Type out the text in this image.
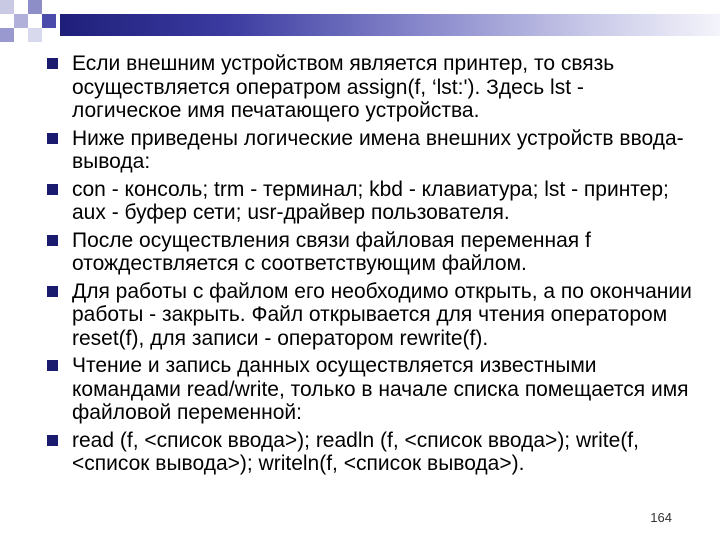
Если внешним устройством является принтер, то связь осуществляется опeратром assign(f, ‘lst:'). Здесь lst - логическое имя печатающего устройства.
Ниже приведены логические имена внешних устройств ввода-вывода:
con - консоль; trm - терминал; kbd - клавиатура; lst - принтер; aux - буфер сети; usr-драйвер пользователя.
После осуществления связи файловая переменная f отождествляется с соответствующим файлом.
Для работы с файлом его необходимо открыть, а по окончании работы - закрыть. Файл открывается для чтения оператором reset(f), для записи - оператором rewrite(f).
Чтение и запись данных осуществляется известными командами read/write, только в начале списка помещается имя файловой переменной:
read (f, <список ввода>); readln (f, <список ввода>); write(f, <список вывода>); writeln(f, <список вывода>).
164
